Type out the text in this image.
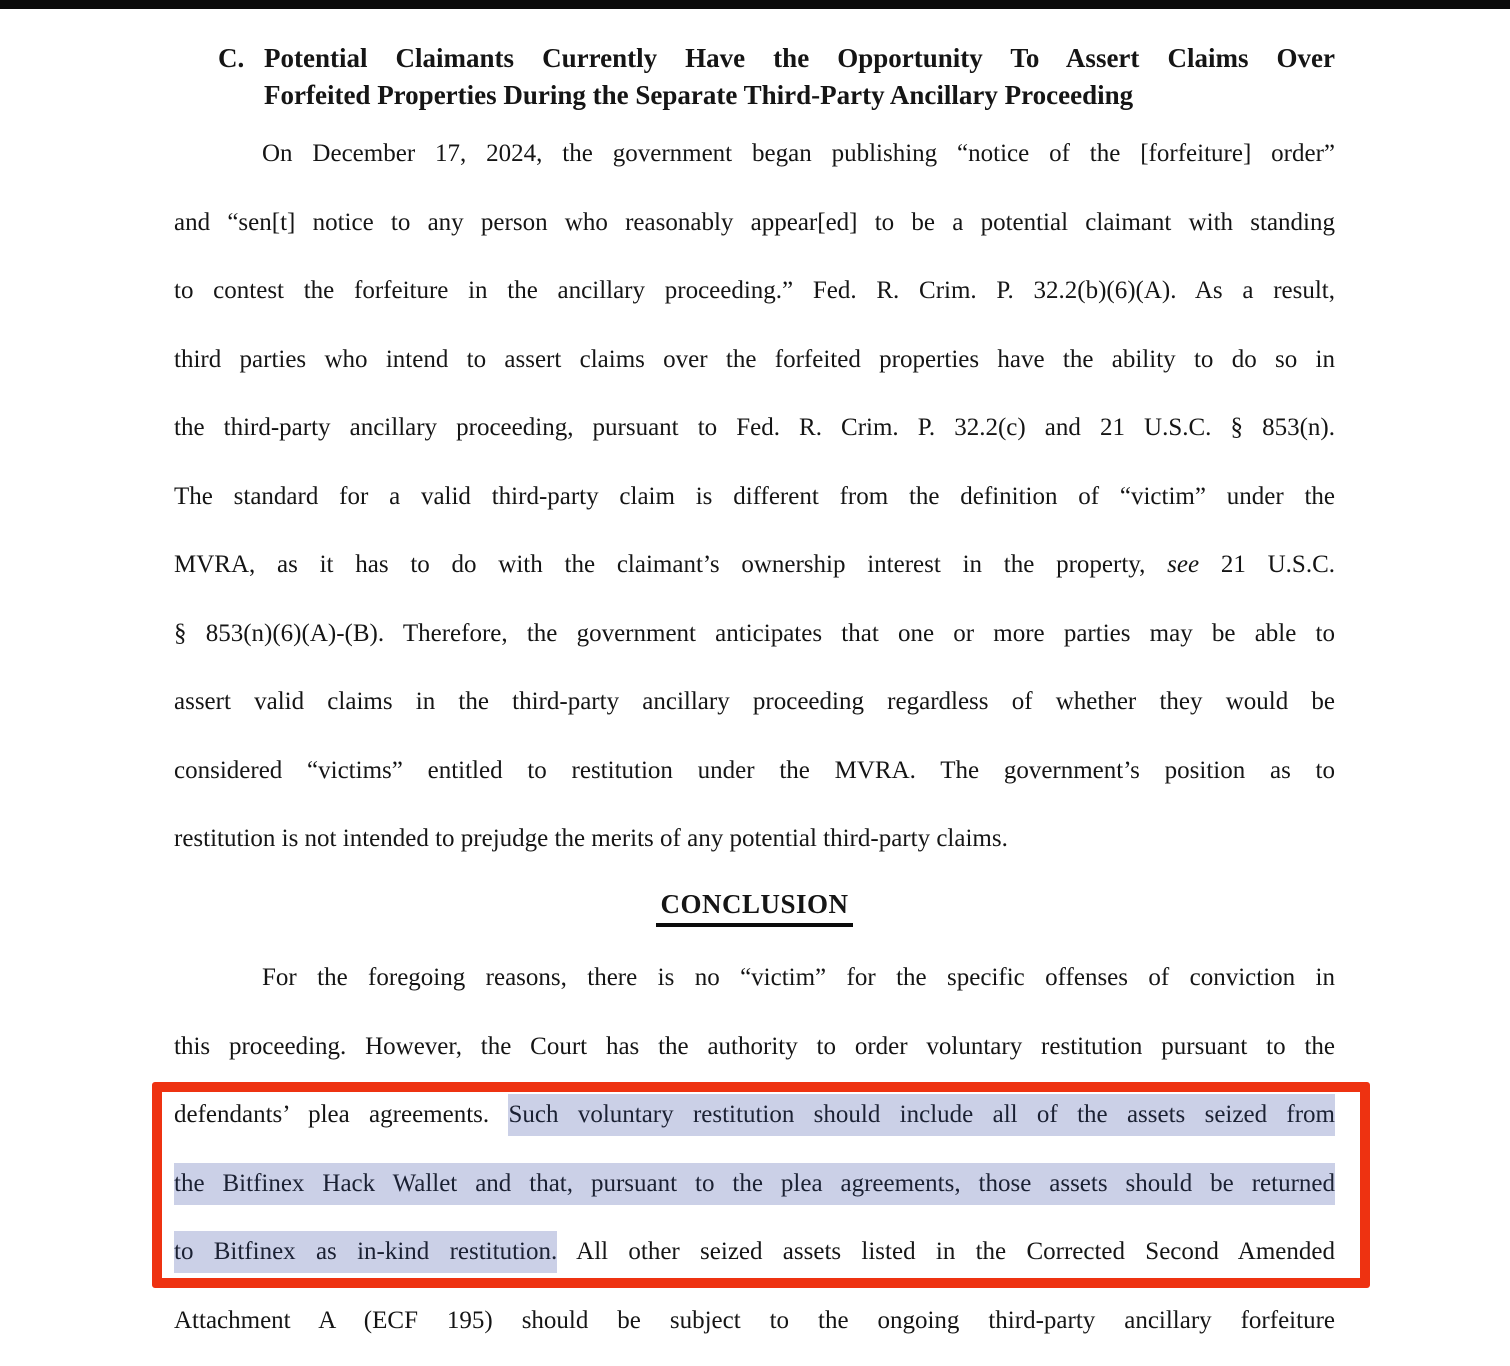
C. Potential Claimants Currently Have the Opportunity To Assert Claims Over
Forfeited Properties During the Separate Third-Party Ancillary Proceeding
On December 17, 2024, the government began publishing “notice of the [forfeiture] order”
and “sen[t] notice to any person who reasonably appear[ed] to be a potential claimant with standing
to contest the forfeiture in the ancillary proceeding.” Fed. R. Crim. P. 32.2(b)(6)(A). As a result,
third parties who intend to assert claims over the forfeited properties have the ability to do so in
the third-party ancillary proceeding, pursuant to Fed. R. Crim. P. 32.2(c) and 21 U.S.C. § 853(n).
The standard for a valid third-party claim is different from the definition of “victim” under the
MVRA, as it has to do with the claimant’s ownership interest in the property, see 21 U.S.C.
§ 853(n)(6)(A)-(B). Therefore, the government anticipates that one or more parties may be able to
assert valid claims in the third-party ancillary proceeding regardless of whether they would be
considered “victims” entitled to restitution under the MVRA. The government’s position as to
restitution is not intended to prejudge the merits of any potential third-party claims.
CONCLUSION
For the foregoing reasons, there is no “victim” for the specific offenses of conviction in
this proceeding. However, the Court has the authority to order voluntary restitution pursuant to the
defendants’ plea agreements. Such voluntary restitution should include all of the assets seized from
the Bitfinex Hack Wallet and that, pursuant to the plea agreements, those assets should be returned
to Bitfinex as in-kind restitution. All other seized assets listed in the Corrected Second Amended
Attachment A (ECF 195) should be subject to the ongoing third-party ancillary forfeiture
